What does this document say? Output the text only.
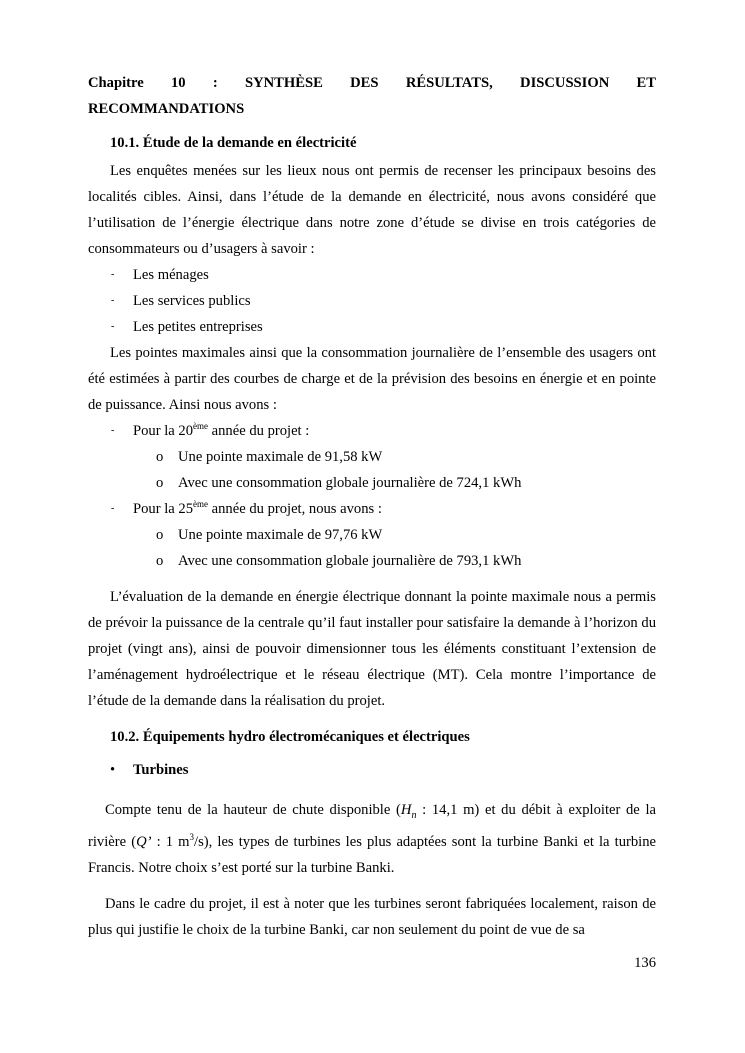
Chapitre 10 : SYNTHÈSE DES RÉSULTATS, DISCUSSION ET

RECOMMANDATIONS

10.1. Étude de la demande en électricité

Les enquêtes menées sur les lieux nous ont permis de recenser les principaux besoins des localités cibles. Ainsi, dans l’étude de la demande en électricité, nous avons considéré que l’utilisation de l’énergie électrique dans notre zone d’étude se divise en trois catégories de consommateurs ou d’usagers à savoir :

- Les ménages
- Les services publics
- Les petites entreprises

Les pointes maximales ainsi que la consommation journalière de l’ensemble des usagers ont été estimées à partir des courbes de charge et de la prévision des besoins en énergie et en pointe de puissance. Ainsi nous avons :

- Pour la 20ème année du projet :
o Une pointe maximale de 91,58 kW
o Avec une consommation globale journalière de 724,1 kWh
- Pour la 25ème année du projet, nous avons :
o Une pointe maximale de 97,76 kW
o Avec une consommation globale journalière de 793,1 kWh

L’évaluation de la demande en énergie électrique donnant la pointe maximale nous a permis de prévoir la puissance de la centrale qu’il faut installer pour satisfaire la demande à l’horizon du projet (vingt ans), ainsi de pouvoir dimensionner tous les éléments constituant l’extension de l’aménagement hydroélectrique et le réseau électrique (MT). Cela montre l’importance de l’étude de la demande dans la réalisation du projet.

10.2. Équipements hydro électromécaniques et électriques

• Turbines

Compte tenu de la hauteur de chute disponible ($H_n$ : 14,1 m) et du débit à exploiter de la rivière (Q’ : 1 $m^3/s$), les types de turbines les plus adaptées sont la turbine Banki et la turbine Francis. Notre choix s’est porté sur la turbine Banki.

Dans le cadre du projet, il est à noter que les turbines seront fabriquées localement, raison de plus qui justifie le choix de la turbine Banki, car non seulement du point de vue de sa

136
